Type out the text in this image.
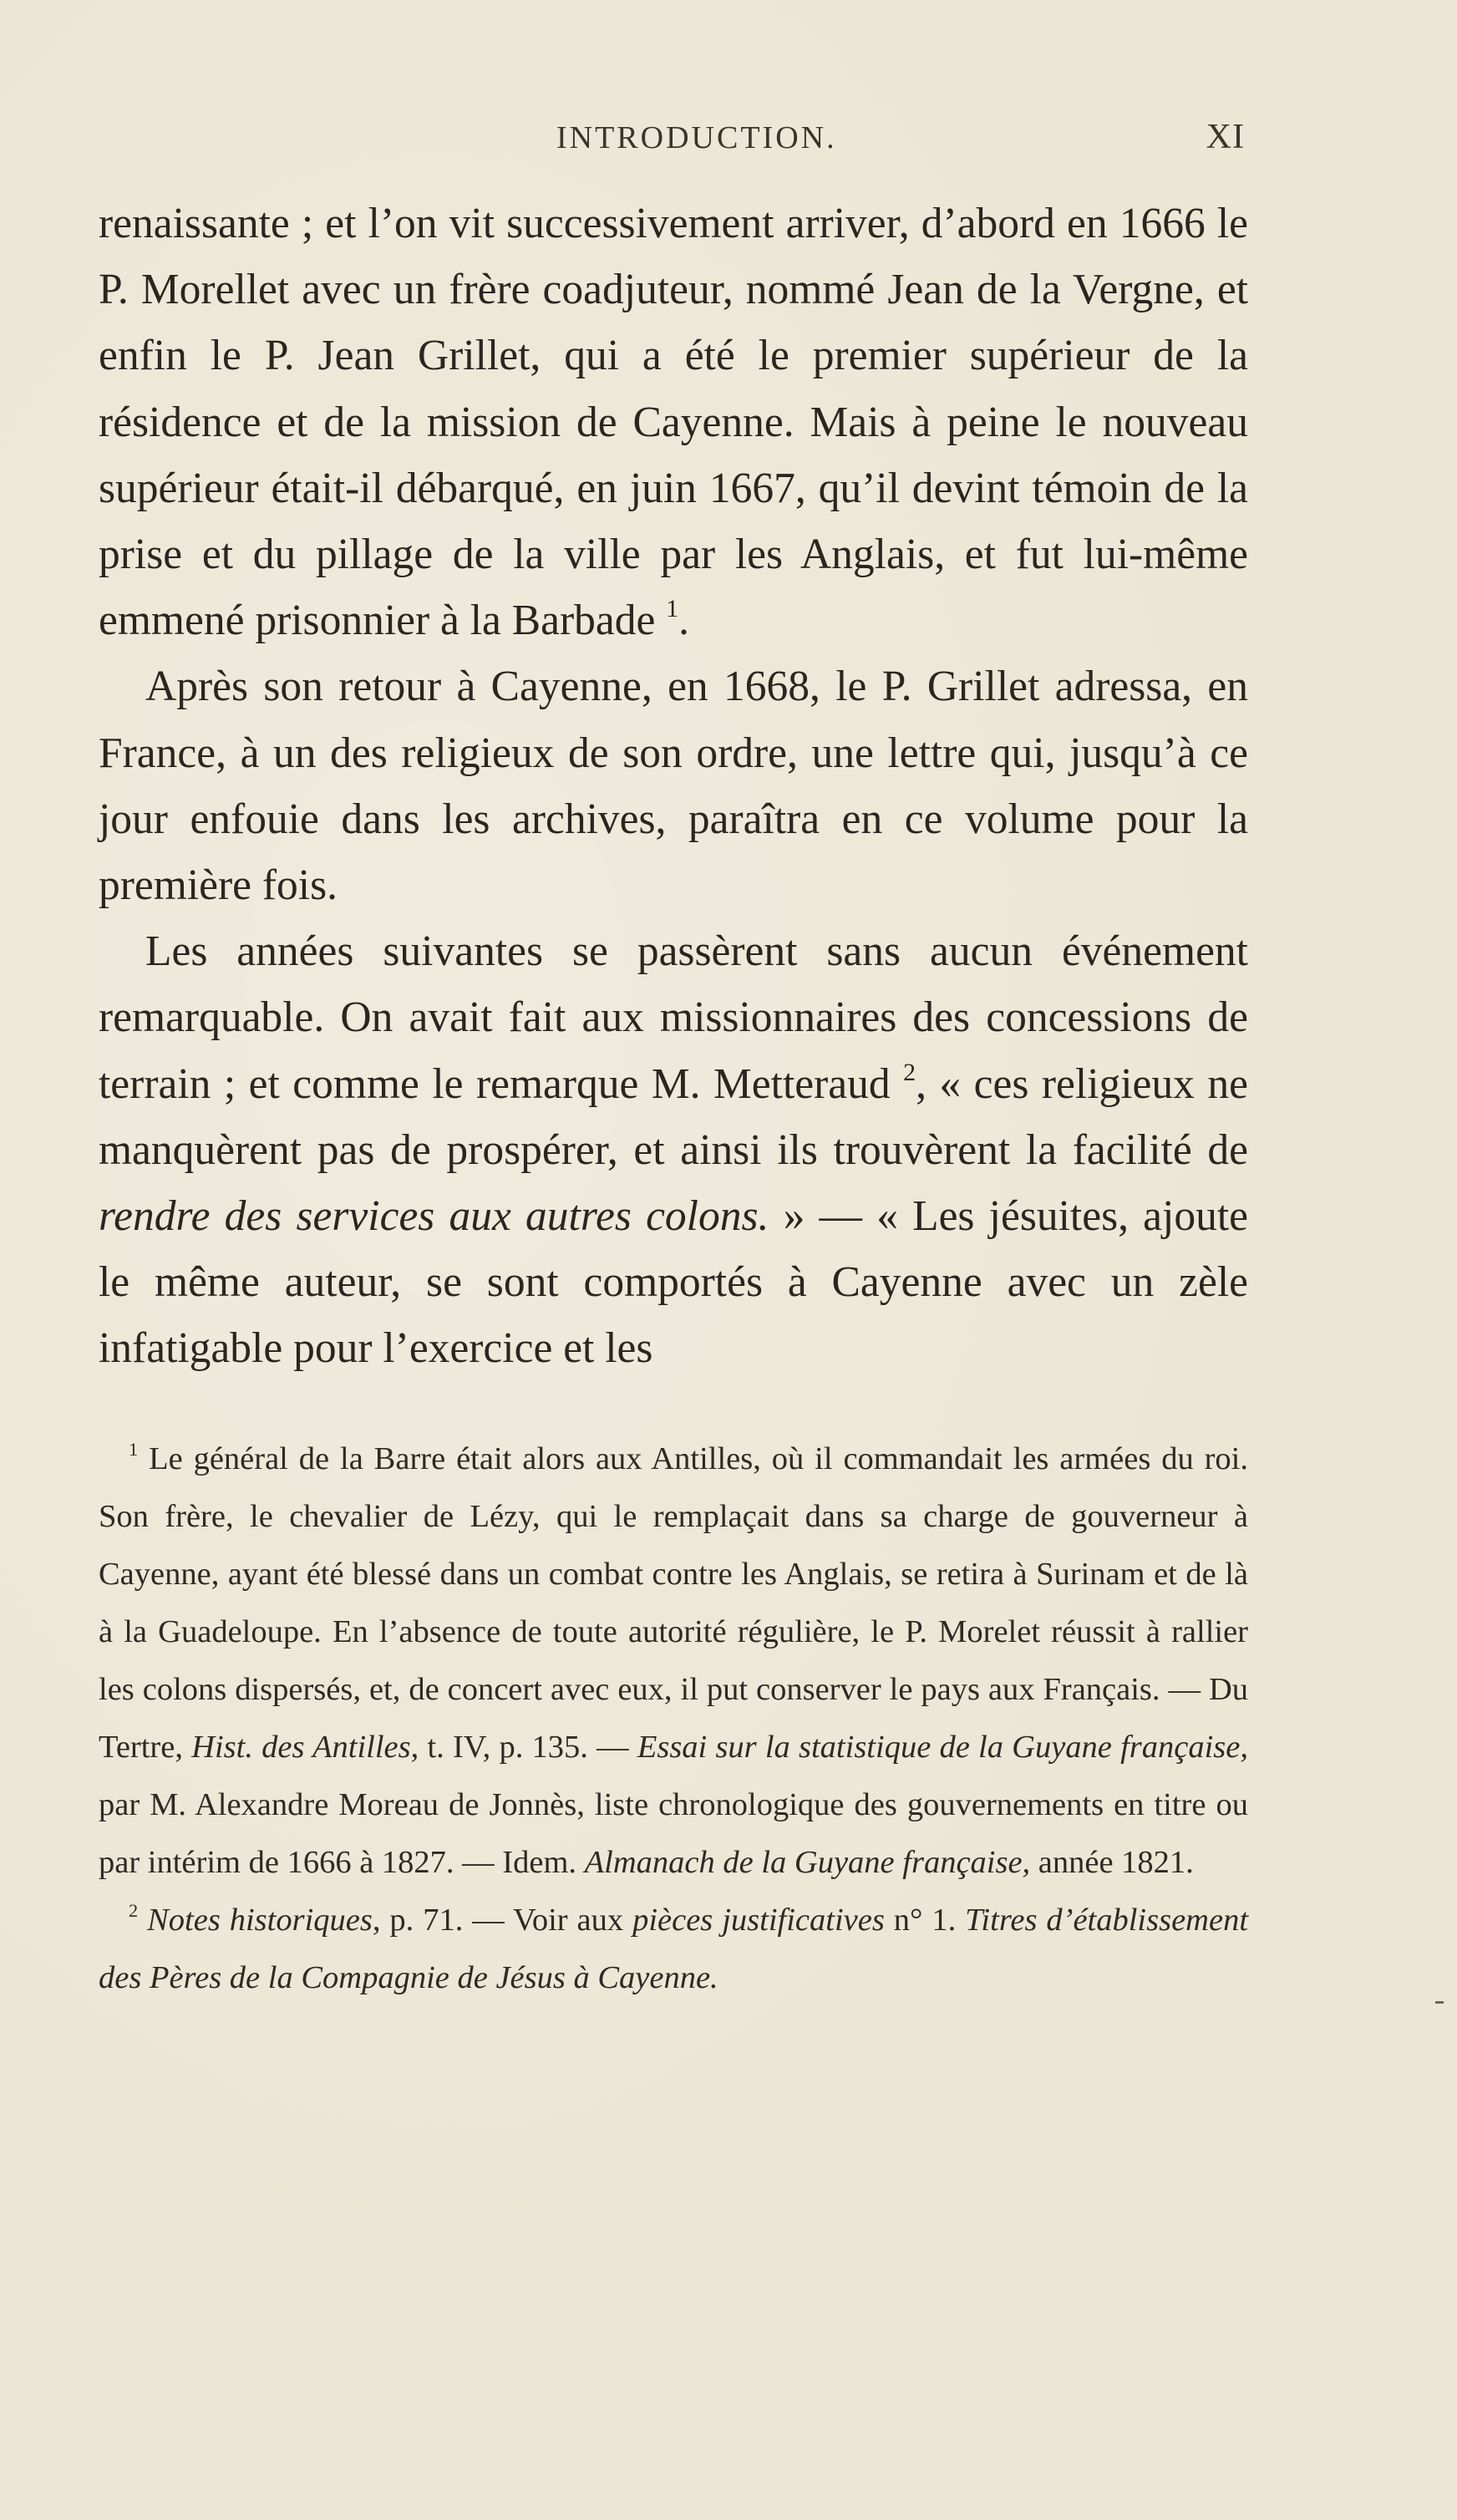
INTRODUCTION.	XI

renaissante ; et l’on vit successivement arriver, d’abord en 1666 le P. Morellet avec un frère coadjuteur, nommé Jean de la Vergne, et enfin le P. Jean Grillet, qui a été le premier supérieur de la résidence et de la mission de Cayenne. Mais à peine le nouveau supérieur était-il débarqué, en juin 1667, qu’il devint témoin de la prise et du pillage de la ville par les Anglais, et fut lui-même emmené prisonnier à la Barbade $^1$.

Après son retour à Cayenne, en 1668, le P. Grillet adressa, en France, à un des religieux de son ordre, une lettre qui, jusqu’à ce jour enfouie dans les archives, paraîtra en ce volume pour la première fois.

Les années suivantes se passèrent sans aucun événement remarquable. On avait fait aux missionnaires des concessions de terrain ; et comme le remarque M. Metteraud $^2$, « ces religieux ne manquèrent pas de prospérer, et ainsi ils trouvèrent la facilité de rendre des services aux autres colons. » — « Les jésuites, ajoute le même auteur, se sont comportés à Cayenne avec un zèle infatigable pour l’exercice et les

$^1$ Le général de la Barre était alors aux Antilles, où il commandait les armées du roi. Son frère, le chevalier de Lézy, qui le remplaçait dans sa charge de gouverneur à Cayenne, ayant été blessé dans un combat contre les Anglais, se retira à Surinam et de là à la Guadeloupe. En l’absence de toute autorité régulière, le P. Morelet réussit à rallier les colons dispersés, et, de concert avec eux, il put conserver le pays aux Français. — Du Tertre, Hist. des Antilles, t. IV, p. 135. — Essai sur la statistique de la Guyane française, par M. Alexandre Moreau de Jonnès, liste chronologique des gouvernements en titre ou par intérim de 1666 à 1827. — Idem. Almanach de la Guyane française, année 1821.

$^2$ Notes historiques, p. 71. — Voir aux pièces justificatives n° 1. Titres d’établissement des Pères de la Compagnie de Jésus à Cayenne.
